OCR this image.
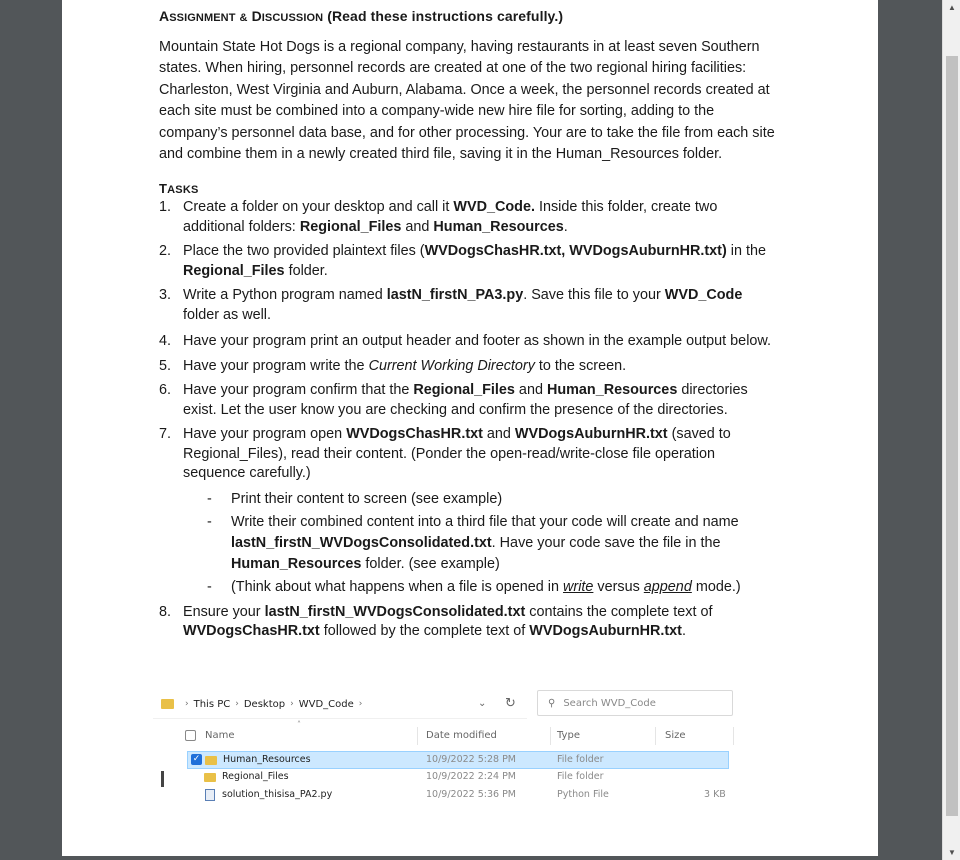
ASSIGNMENT & DISCUSSION (Read these instructions carefully.)

Mountain State Hot Dogs is a regional company, having restaurants in at least seven Southern states. When hiring, personnel records are created at one of the two regional hiring facilities: Charleston, West Virginia and Auburn, Alabama. Once a week, the personnel records created at each site must be combined into a company-wide new hire file for sorting, adding to the company’s personnel data base, and for other processing. Your are to take the file from each site and combine them in a newly created third file, saving it in the Human_Resources folder.

TASKS
1. Create a folder on your desktop and call it WVD_Code. Inside this folder, create two additional folders: Regional_Files and Human_Resources.
2. Place the two provided plaintext files (WVDogsChasHR.txt, WVDogsAuburnHR.txt) in the Regional_Files folder.
3. Write a Python program named lastN_firstN_PA3.py. Save this file to your WVD_Code folder as well.
4. Have your program print an output header and footer as shown in the example output below.
5. Have your program write the Current Working Directory to the screen.
6. Have your program confirm that the Regional_Files and Human_Resources directories exist. Let the user know you are checking and confirm the presence of the directories.
7. Have your program open WVDogsChasHR.txt and WVDogsAuburnHR.txt (saved to Regional_Files), read their content. (Ponder the open-read/write-close file operation sequence carefully.)
- Print their content to screen (see example)
- Write their combined content into a third file that your code will create and name lastN_firstN_WVDogsConsolidated.txt. Have your code save the file in the Human_Resources folder. (see example)
- (Think about what happens when a file is opened in write versus append mode.)
8. Ensure your lastN_firstN_WVDogsConsolidated.txt contains the complete text of WVDogsChasHR.txt followed by the complete text of WVDogsAuburnHR.txt.
› This PC › Desktop › WVD_Code ›	⌄ ↻	⚲ Search WVD_Code
˄
Name	Date modified	Type	Size
✓ Human_Resources	10/9/2022 5:28 PM	File folder
Regional_Files	10/9/2022 2:24 PM	File folder
solution_thisisa_PA2.py	10/9/2022 5:36 PM	Python File	3 KB
▲
▼
